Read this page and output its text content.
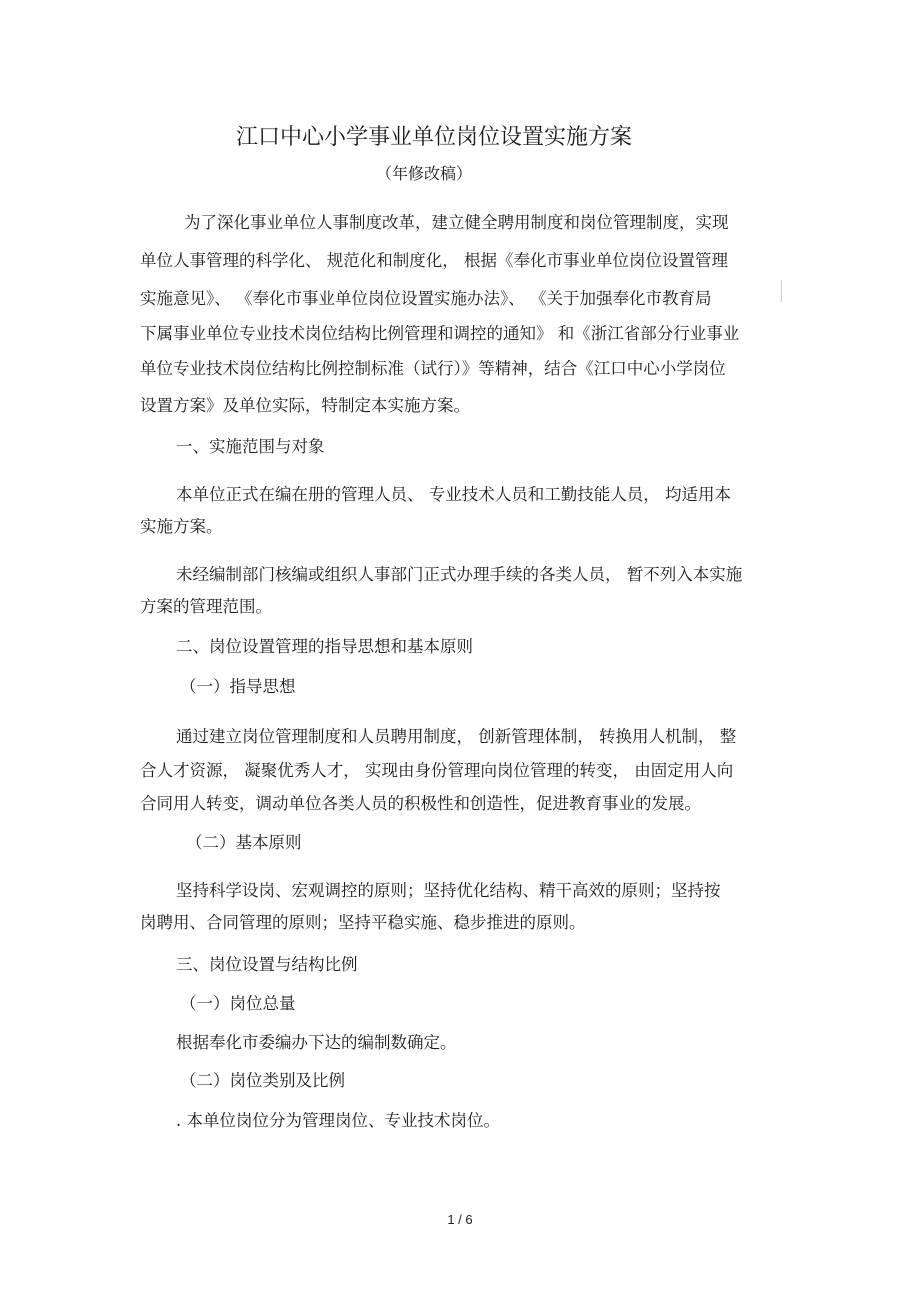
江口中心小学事业单位岗位设置实施方案
（年修改稿）
为了深化事业单位人事制度改革，建立健全聘用制度和岗位管理制度，实现
单位人事管理的科学化、 规范化和制度化， 根据《奉化市事业单位岗位设置管理
实施意见》、 《奉化市事业单位岗位设置实施办法》、 《关于加强奉化市教育局
下属事业单位专业技术岗位结构比例管理和调控的通知》 和《浙江省部分行业事业
单位专业技术岗位结构比例控制标准（试行）》等精神，结合《江口中心小学岗位
设置方案》及单位实际，特制定本实施方案。
一、实施范围与对象
本单位正式在编在册的管理人员、 专业技术人员和工勤技能人员， 均适用本
实施方案。
未经编制部门核编或组织人事部门正式办理手续的各类人员， 暂不列入本实施
方案的管理范围。
二、岗位设置管理的指导思想和基本原则
（一）指导思想
通过建立岗位管理制度和人员聘用制度， 创新管理体制， 转换用人机制， 整
合人才资源， 凝聚优秀人才， 实现由身份管理向岗位管理的转变， 由固定用人向
合同用人转变，调动单位各类人员的积极性和创造性，促进教育事业的发展。
（二）基本原则
坚持科学设岗、宏观调控的原则；坚持优化结构、精干高效的原则；坚持按
岗聘用、合同管理的原则；坚持平稳实施、稳步推进的原则。
三、岗位设置与结构比例
（一）岗位总量
根据奉化市委编办下达的编制数确定。
（二）岗位类别及比例
. 本单位岗位分为管理岗位、专业技术岗位。
1 / 6
